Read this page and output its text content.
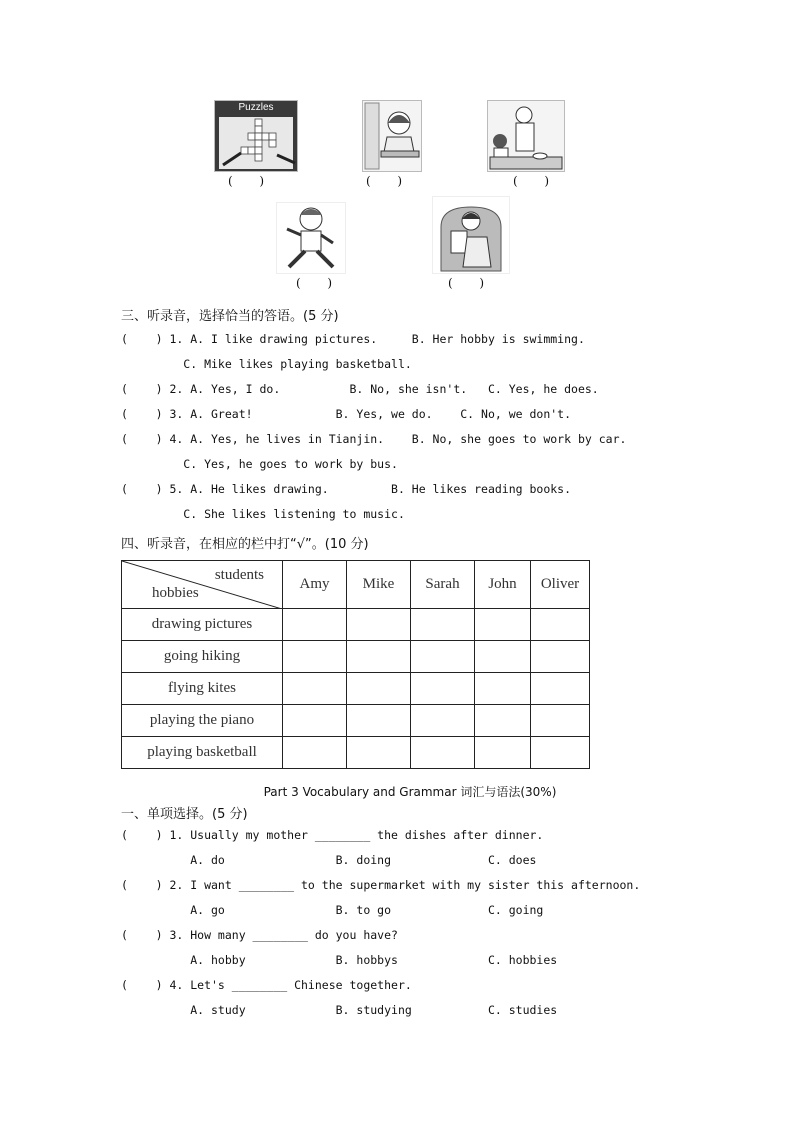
Puzzles
(       )	(       )	(       )
(       )	(       )
三、听录音，选择恰当的答语。(5 分)
(    ) 1. A. I like drawing pictures.     B. Her hobby is swimming.
C. Mike likes playing basketball.
(    ) 2. A. Yes, I do.          B. No, she isn't.   C. Yes, he does.
(    ) 3. A. Great!            B. Yes, we do.    C. No, we don't.
(    ) 4. A. Yes, he lives in Tianjin.    B. No, she goes to work by car.
C. Yes, he goes to work by bus.
(    ) 5. A. He likes drawing.         B. He likes reading books.
C. She likes listening to music.
四、听录音，在相应的栏中打“√”。(10 分)
students
hobbies	Amy	Mike	Sarah	John	Oliver
drawing pictures					
going hiking					
flying kites					
playing the piano					
playing basketball					
Part 3 Vocabulary and Grammar 词汇与语法(30%)
一、单项选择。(5 分)
(    ) 1. Usually my mother ________ the dishes after dinner.
A. do                B. doing              C. does
(    ) 2. I want ________ to the supermarket with my sister this afternoon.
A. go                B. to go              C. going
(    ) 3. How many ________ do you have?
A. hobby             B. hobbys             C. hobbies
(    ) 4. Let's ________ Chinese together.
A. study             B. studying           C. studies
